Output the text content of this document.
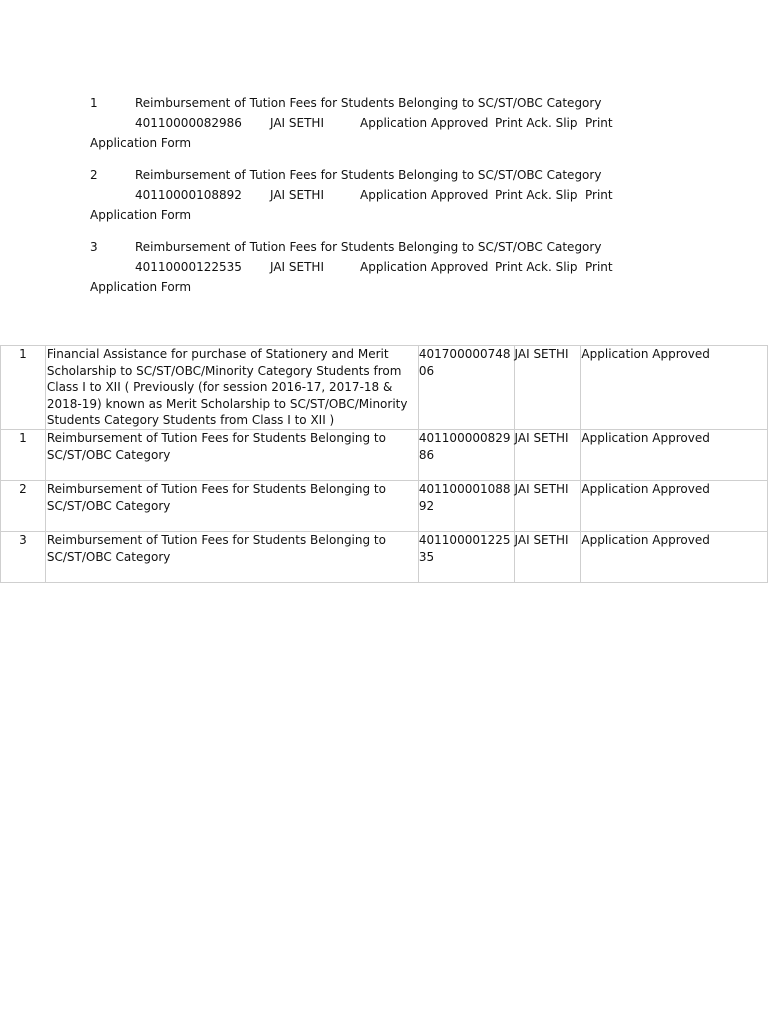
1	Reimbursement of Tution Fees for Students Belonging to SC/ST/OBC Category
40110000082986 JAI SETHI	Application Approved Print Ack. Slip Print
Application Form
2	Reimbursement of Tution Fees for Students Belonging to SC/ST/OBC Category
40110000108892 JAI SETHI	Application Approved Print Ack. Slip Print
Application Form
3	Reimbursement of Tution Fees for Students Belonging to SC/ST/OBC Category
40110000122535 JAI SETHI	Application Approved Print Ack. Slip Print
Application Form
1	Financial Assistance for purchase of Stationery and Merit Scholarship to SC/ST/OBC/Minority Category Students from Class I to XII ( Previously (for session 2016-17, 2017-18 & 2018-19) known as Merit Scholarship to SC/ST/OBC/Minority Students Category Students from Class I to XII )	40170000074806	JAI SETHI	Application Approved
1	Reimbursement of Tution Fees for Students Belonging to SC/ST/OBC Category	40110000082986	JAI SETHI	Application Approved
2	Reimbursement of Tution Fees for Students Belonging to SC/ST/OBC Category	40110000108892	JAI SETHI	Application Approved
3	Reimbursement of Tution Fees for Students Belonging to SC/ST/OBC Category	40110000122535	JAI SETHI	Application Approved
